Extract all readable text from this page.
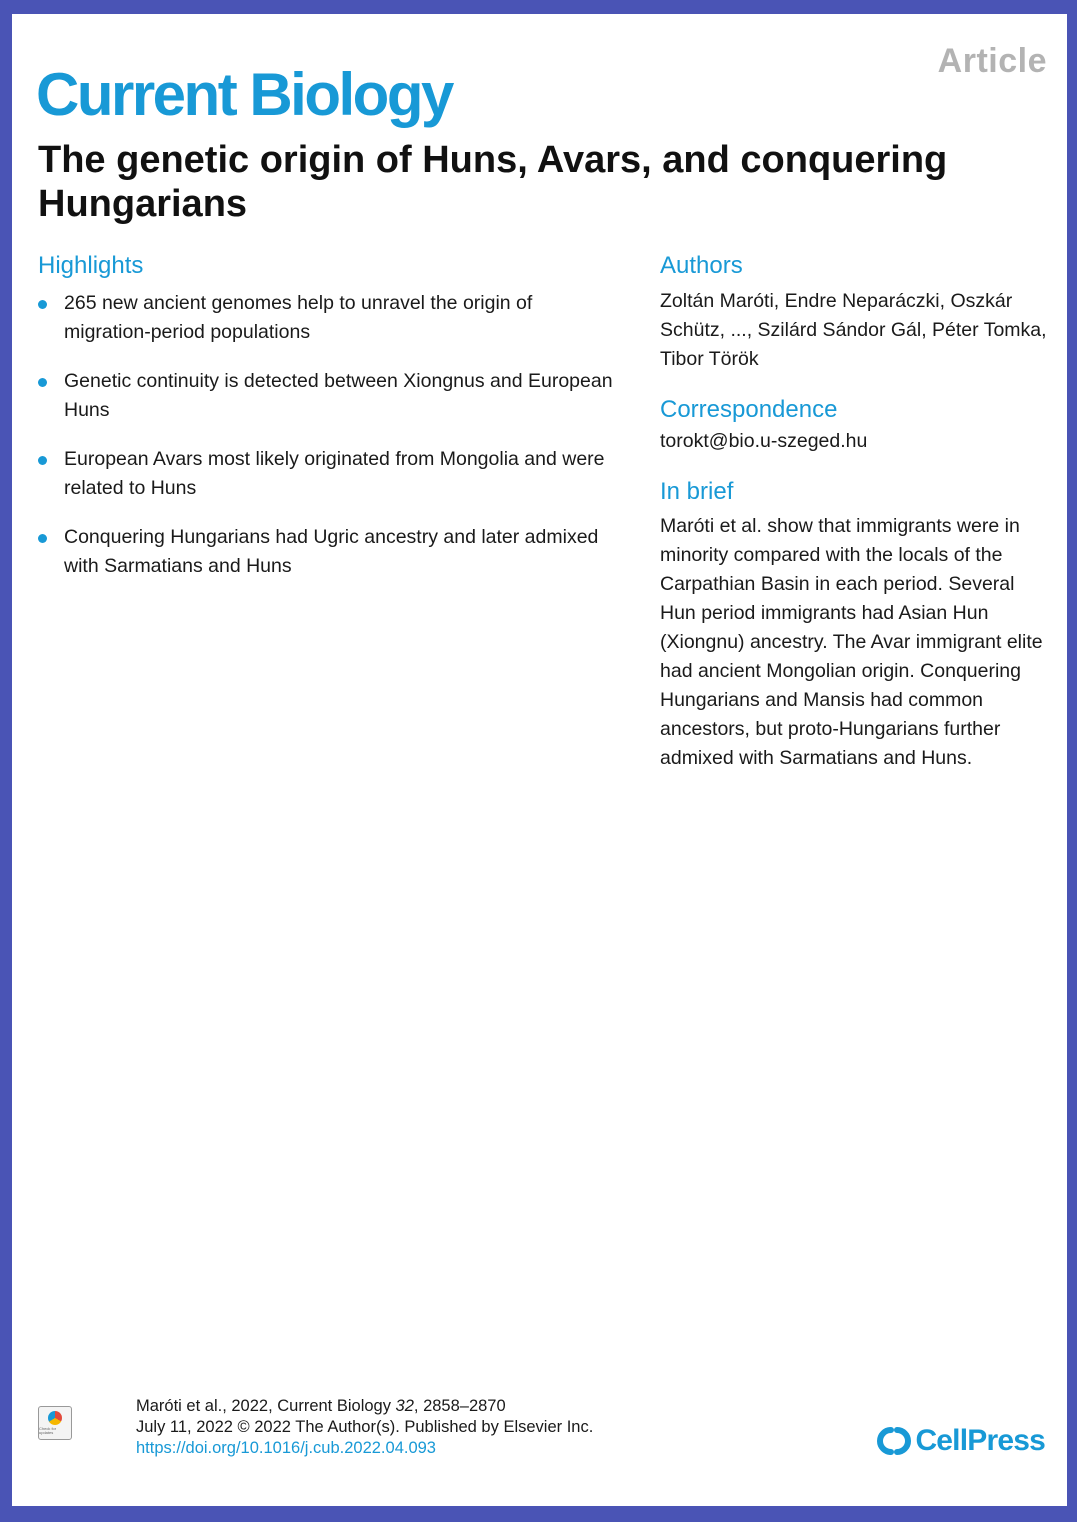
Article
Current Biology
The genetic origin of Huns, Avars, and conquering Hungarians
Highlights
265 new ancient genomes help to unravel the origin of migration-period populations
Genetic continuity is detected between Xiongnus and European Huns
European Avars most likely originated from Mongolia and were related to Huns
Conquering Hungarians had Ugric ancestry and later admixed with Sarmatians and Huns
Authors

Zoltán Maróti, Endre Neparáczki, Oszkár Schütz, ..., Szilárd Sándor Gál, Péter Tomka, Tibor Török

Correspondence

torokt@bio.u-szeged.hu

In brief

Maróti et al. show that immigrants were in minority compared with the locals of the Carpathian Basin in each period. Several Hun period immigrants had Asian Hun (Xiongnu) ancestry. The Avar immigrant elite had ancient Mongolian origin. Conquering Hungarians and Mansis had common ancestors, but proto-Hungarians further admixed with Sarmatians and Huns.

Check for updates
Maróti et al., 2022, Current Biology 32, 2858–2870
July 11, 2022 © 2022 The Author(s). Published by Elsevier Inc.
https://doi.org/10.1016/j.cub.2022.04.093	CellPress
